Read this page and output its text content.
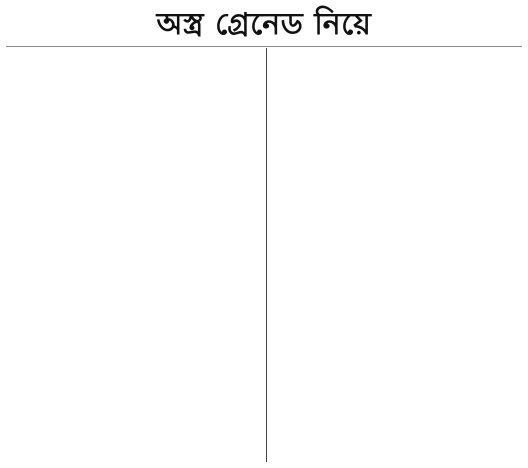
অস্ত্র গ্রেনেড নিয়ে
